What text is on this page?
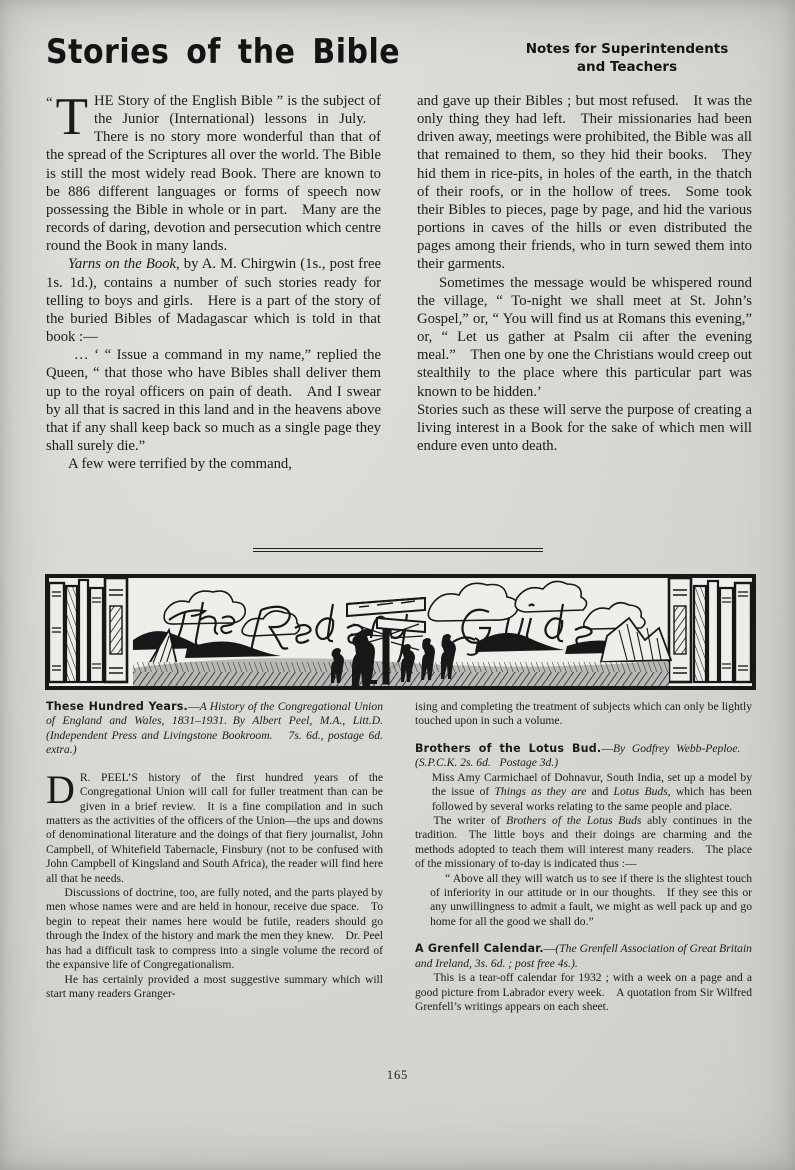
Stories of the Bible	Notes for Superintendents
and Teachers

“ T HE Story of the English Bible ” is the subject of the Junior (International) lessons in July. There is no story more wonderful than that of the spread of the Scriptures all over the world. The Bible is still the most widely read Book. There are known to be 886 different languages or forms of speech now possessing the Bible in whole or in part. Many are the records of daring, devotion and persecution which centre round the Book in many lands.

Yarns on the Book, by A. M. Chirgwin (1s., post free 1s. 1d.), contains a number of such stories ready for telling to boys and girls. Here is a part of the story of the buried Bibles of Madagascar which is told in that book :—

… ‘ “ Issue a command in my name,” replied the Queen, “ that those who have Bibles shall deliver them up to the royal officers on pain of death. And I swear by all that is sacred in this land and in the heavens above that if any shall keep back so much as a single page they shall surely die.”

A few were terrified by the command,

and gave up their Bibles ; but most refused. It was the only thing they had left. Their missionaries had been driven away, meetings were prohibited, the Bible was all that remained to them, so they hid their books. They hid them in rice-pits, in holes of the earth, in the thatch of their roofs, or in the hollow of trees. Some took their Bibles to pieces, page by page, and hid the various portions in caves of the hills or even distributed the pages among their friends, who in turn sewed them into their garments.

Sometimes the message would be whispered round the village, “ To-night we shall meet at St. John’s Gospel,” or, “ You will find us at Romans this evening,” or, “ Let us gather at Psalm cii after the evening meal.” Then one by one the Christians would creep out stealthily to the place where this particular part was known to be hidden.’

Stories such as these will serve the purpose of creating a living interest in a Book for the sake of which men will endure even unto death.

These Hundred Years.—A History of the Congregational Union of England and Wales, 1831–1931. By Albert Peel, M.A., Litt.D. (Independent Press and Livingstone Bookroom.  7s. 6d., postage 6d. extra.)

D R. PEEL’S history of the first hundred years of the Congregational Union will call for fuller treatment than can be given in a brief review. It is a fine compilation and in such matters as the activities of the officers of the Union—the ups and downs of denominational literature and the doings of that fiery journalist, John Campbell, of Whitefield Tabernacle, Finsbury (not to be confused with John Campbell of Kingsland and South Africa), the reader will find here all that he needs.

Discussions of doctrine, too, are fully noted, and the parts played by men whose names were and are held in honour, receive due space. To begin to repeat their names here would be futile, readers should go through the Index of the history and mark the men they knew. Dr. Peel has had a difficult task to compress into a single volume the record of the expansive life of Congregationalism.

He has certainly provided a most suggestive summary which will start many readers Granger-

ising and completing the treatment of subjects which can only be lightly touched upon in such a volume.

Brothers of the Lotus Bud.—By Godfrey Webb-Peploe. (S.P.C.K. 2s. 6d.  Postage 3d.)

Miss Amy Carmichael of Dohnavur, South India, set up a model by the issue of Things as they are and Lotus Buds, which has been followed by several works relating to the same people and place.

The writer of Brothers of the Lotus Buds ably continues in the tradition. The little boys and their doings are charming and the methods adopted to teach them will interest many readers. The place of the missionary of to-day is indicated thus :—

“ Above all they will watch us to see if there is the slightest touch of inferiority in our attitude or in our thoughts. If they see this or any unwillingness to admit a fault, we might as well pack up and go home for all the good we shall do.”

A Grenfell Calendar.—(The Grenfell Association of Great Britain and Ireland, 3s. 6d. ; post free 4s.).

This is a tear-off calendar for 1932 ; with a week on a page and a good picture from Labrador every week. A quotation from Sir Wilfred Grenfell’s writings appears on each sheet.

165
